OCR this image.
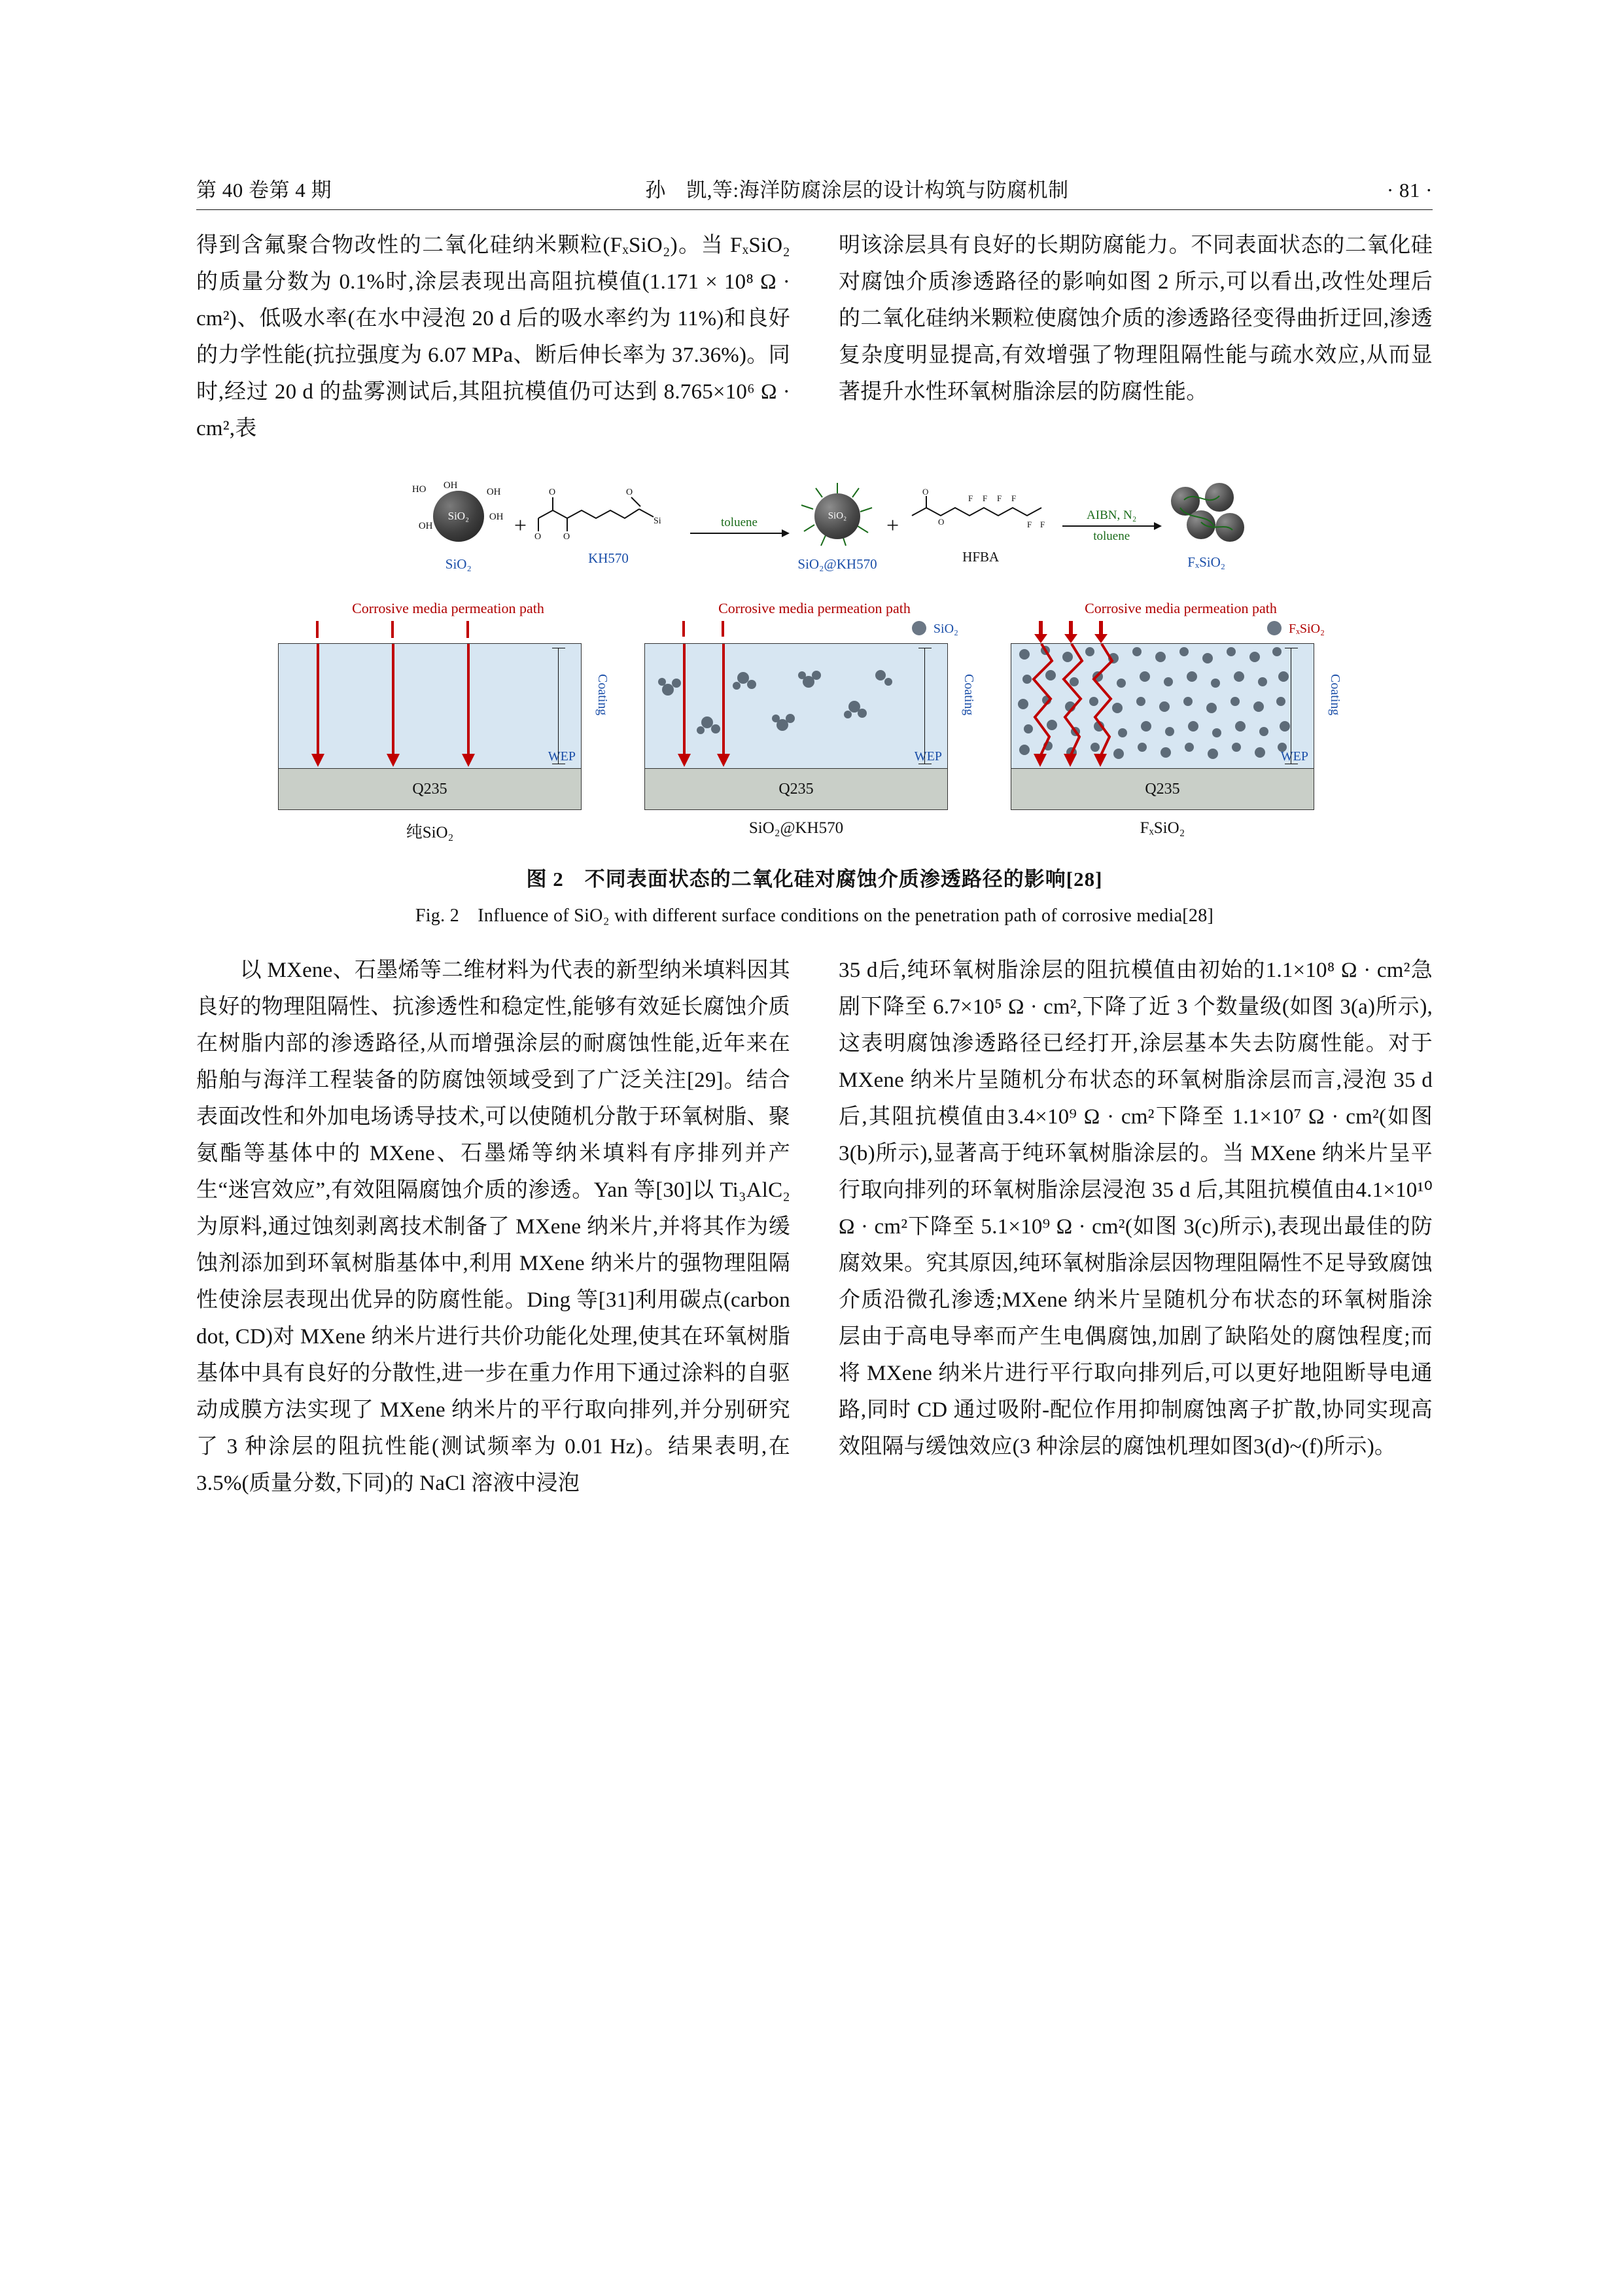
第 40 卷第 4 期	孙　凯,等:海洋防腐涂层的设计构筑与防腐机制	· 81 ·

得到含氟聚合物改性的二氧化硅纳米颗粒(FₓSiO₂)。当 FₓSiO₂ 的质量分数为 0.1%时,涂层表现出高阻抗模值(1.171 × 10⁸ Ω · cm²)、低吸水率(在水中浸泡 20 d 后的吸水率约为 11%)和良好的力学性能(抗拉强度为 6.07 MPa、断后伸长率为 37.36%)。同时,经过 20 d 的盐雾测试后,其阻抗模值仍可达到 8.765×10⁶ Ω · cm²,表

明该涂层具有良好的长期防腐能力。不同表面状态的二氧化硅对腐蚀介质渗透路径的影响如图 2 所示,可以看出,改性处理后的二氧化硅纳米颗粒使腐蚀介质的渗透路径变得曲折迂回,渗透复杂度明显提高,有效增强了物理阻隔性能与疏水效应,从而显著提升水性环氧树脂涂层的防腐性能。

SiO₂
HO OH
OH
OH
OH
SiO₂
+
O
O O
O
Si
KH570
toluene	SiO₂
SiO₂@KH570
+
O
O
F F F F
F F
HFBA
AIBN, N₂
toluene
FₓSiO₂
Corrosive media permeation path
WEP
Coating
Q235
纯SiO₂
Corrosive media permeation path
SiO₂
WEP
Coating
Q235
SiO₂@KH570
Corrosive media permeation path
FₓSiO₂
WEP
Coating
Q235
FₓSiO₂
图 2　不同表面状态的二氧化硅对腐蚀介质渗透路径的影响[28]
Fig. 2　Influence of SiO₂ with different surface conditions on the penetration path of corrosive media[28]

　　以 MXene、石墨烯等二维材料为代表的新型纳米填料因其良好的物理阻隔性、抗渗透性和稳定性,能够有效延长腐蚀介质在树脂内部的渗透路径,从而增强涂层的耐腐蚀性能,近年来在船舶与海洋工程装备的防腐蚀领域受到了广泛关注[29]。结合表面改性和外加电场诱导技术,可以使随机分散于环氧树脂、聚氨酯等基体中的 MXene、石墨烯等纳米填料有序排列并产生“迷宫效应”,有效阻隔腐蚀介质的渗透。Yan 等[30]以 Ti₃AlC₂为原料,通过蚀刻剥离技术制备了 MXene 纳米片,并将其作为缓蚀剂添加到环氧树脂基体中,利用 MXene 纳米片的强物理阻隔性使涂层表现出优异的防腐性能。Ding 等[31]利用碳点(carbon dot, CD)对 MXene 纳米片进行共价功能化处理,使其在环氧树脂基体中具有良好的分散性,进一步在重力作用下通过涂料的自驱动成膜方法实现了 MXene 纳米片的平行取向排列,并分别研究了 3 种涂层的阻抗性能(测试频率为 0.01 Hz)。结果表明,在 3.5%(质量分数,下同)的 NaCl 溶液中浸泡

35 d后,纯环氧树脂涂层的阻抗模值由初始的1.1×10⁸ Ω · cm²急剧下降至 6.7×10⁵ Ω · cm²,下降了近 3 个数量级(如图 3(a)所示),这表明腐蚀渗透路径已经打开,涂层基本失去防腐性能。对于 MXene 纳米片呈随机分布状态的环氧树脂涂层而言,浸泡 35 d 后,其阻抗模值由3.4×10⁹ Ω · cm²下降至 1.1×10⁷ Ω · cm²(如图 3(b)所示),显著高于纯环氧树脂涂层的。当 MXene 纳米片呈平行取向排列的环氧树脂涂层浸泡 35 d 后,其阻抗模值由4.1×10¹⁰ Ω · cm²下降至 5.1×10⁹ Ω · cm²(如图 3(c)所示),表现出最佳的防腐效果。究其原因,纯环氧树脂涂层因物理阻隔性不足导致腐蚀介质沿微孔渗透;MXene 纳米片呈随机分布状态的环氧树脂涂层由于高电导率而产生电偶腐蚀,加剧了缺陷处的腐蚀程度;而将 MXene 纳米片进行平行取向排列后,可以更好地阻断导电通路,同时 CD 通过吸附-配位作用抑制腐蚀离子扩散,协同实现高效阻隔与缓蚀效应(3 种涂层的腐蚀机理如图3(d)~(f)所示)。
